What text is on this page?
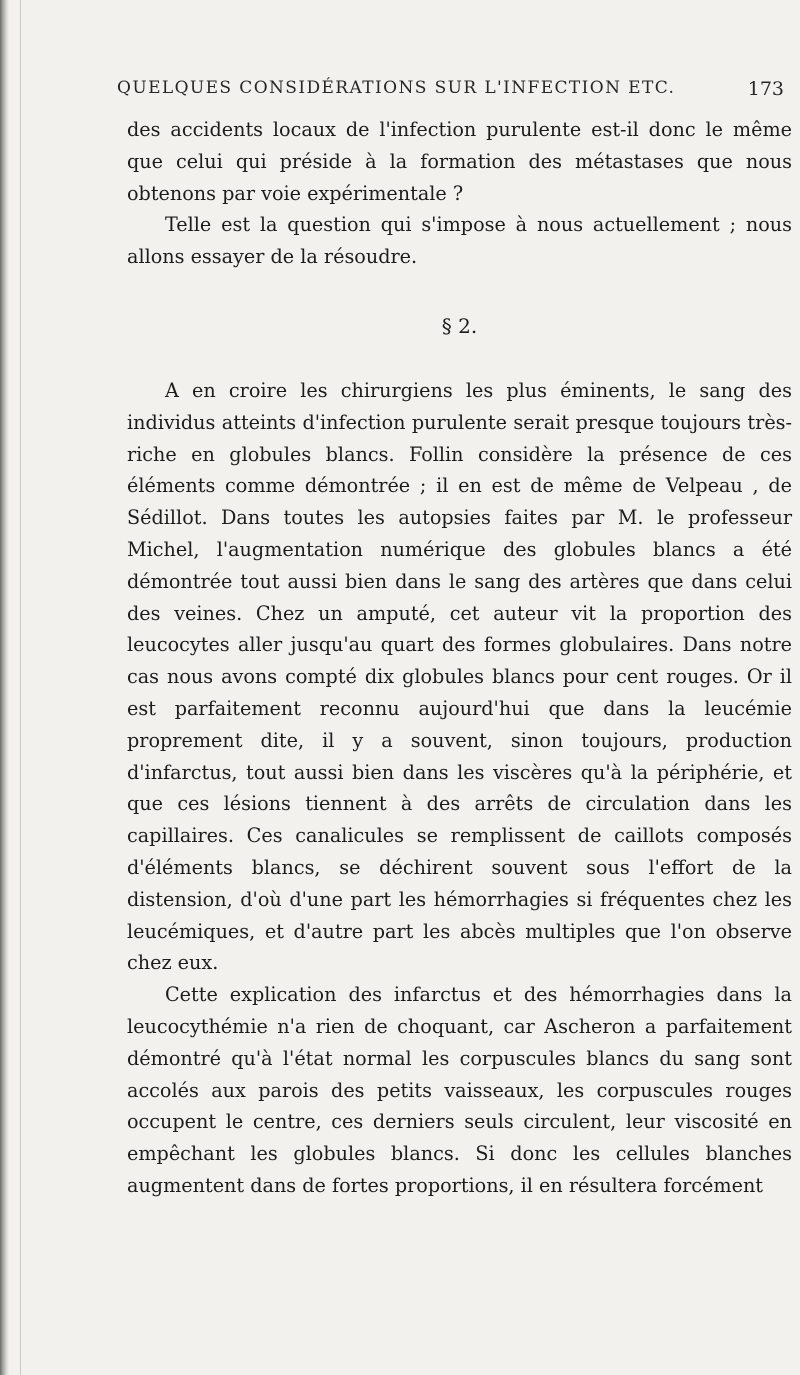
QUELQUES CONSIDÉRATIONS SUR L'INFECTION ETC.	173

des accidents locaux de l'infection purulente est-il donc le même que celui qui préside à la formation des métastases que nous obtenons par voie expérimentale ?

Telle est la question qui s'impose à nous actuellement ; nous allons essayer de la résoudre.

§ 2.

A en croire les chirurgiens les plus éminents, le sang des individus atteints d'infection purulente serait presque toujours très-riche en globules blancs. Follin considère la présence de ces éléments comme démontrée ; il en est de même de Velpeau , de Sédillot. Dans toutes les autopsies faites par M. le professeur Michel, l'augmentation numérique des globules blancs a été démontrée tout aussi bien dans le sang des artères que dans celui des veines. Chez un amputé, cet auteur vit la proportion des leucocytes aller jusqu'au quart des formes globulaires. Dans notre cas nous avons compté dix globules blancs pour cent rouges. Or il est parfaitement reconnu aujourd'hui que dans la leucémie proprement dite, il y a souvent, sinon toujours, production d'infarctus, tout aussi bien dans les viscères qu'à la périphérie, et que ces lésions tiennent à des arrêts de circulation dans les capillaires. Ces canalicules se remplissent de caillots composés d'éléments blancs, se déchirent souvent sous l'effort de la distension, d'où d'une part les hémorrhagies si fréquentes chez les leucémiques, et d'autre part les abcès multiples que l'on observe chez eux.

Cette explication des infarctus et des hémorrhagies dans la leucocythémie n'a rien de choquant, car Ascheron a parfaitement démontré qu'à l'état normal les corpuscules blancs du sang sont accolés aux parois des petits vaisseaux, les corpuscules rouges occupent le centre, ces derniers seuls circulent, leur viscosité en empêchant les globules blancs. Si donc les cellules blanches augmentent dans de fortes proportions, il en résultera forcément
